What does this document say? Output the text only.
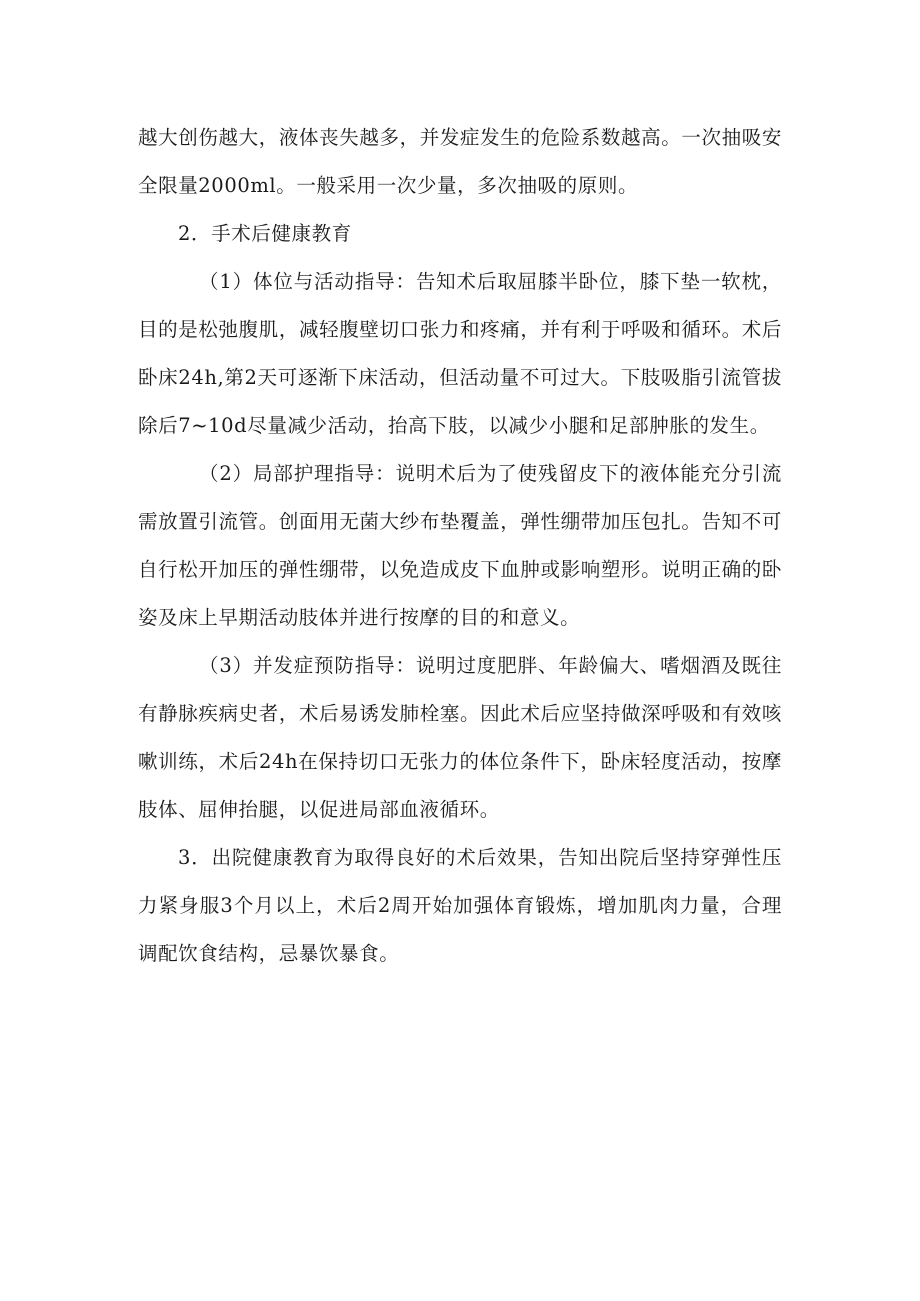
越大创伤越大，液体丧失越多，并发症发生的危险系数越高。一次抽吸安全限量2000ml。一般采用一次少量，多次抽吸的原则。

2．手术后健康教育

（1）体位与活动指导：告知术后取屈膝半卧位，膝下垫一软枕，目的是松弛腹肌，减轻腹壁切口张力和疼痛，并有利于呼吸和循环。术后卧床24h,第2天可逐渐下床活动，但活动量不可过大。下肢吸脂引流管拔除后7~10d尽量减少活动，抬高下肢，以减少小腿和足部肿胀的发生。

（2）局部护理指导：说明术后为了使残留皮下的液体能充分引流需放置引流管。创面用无菌大纱布垫覆盖，弹性绷带加压包扎。告知不可自行松开加压的弹性绷带，以免造成皮下血肿或影响塑形。说明正确的卧姿及床上早期活动肢体并进行按摩的目的和意义。

（3）并发症预防指导：说明过度肥胖、年龄偏大、嗜烟酒及既往有静脉疾病史者，术后易诱发肺栓塞。因此术后应坚持做深呼吸和有效咳嗽训练，术后24h在保持切口无张力的体位条件下，卧床轻度活动，按摩肢体、屈伸抬腿，以促进局部血液循环。

3．出院健康教育为取得良好的术后效果，告知出院后坚持穿弹性压力紧身服3个月以上，术后2周开始加强体育锻炼，增加肌肉力量，合理调配饮食结构，忌暴饮暴食。
